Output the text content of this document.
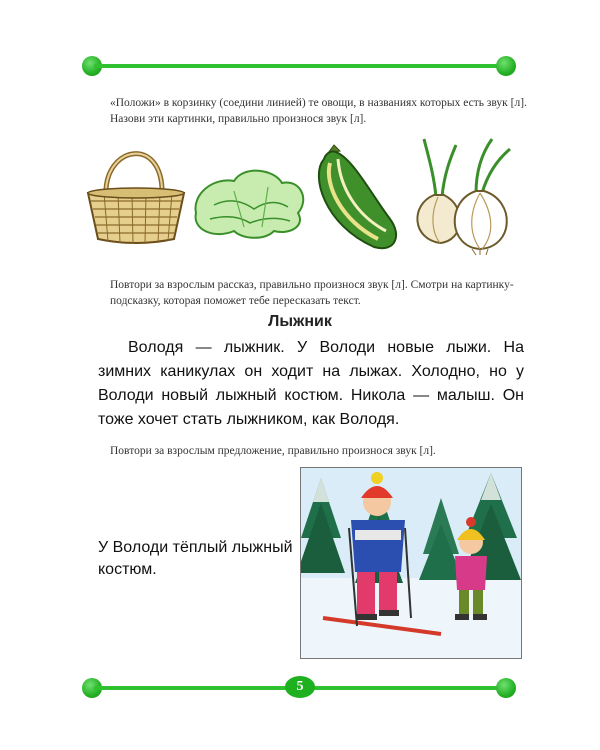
«Положи» в корзинку (соедини линией) те овощи, в названиях которых есть звук [л]. Назови эти картинки, правильно произнося звук [л].

Повтори за взрослым рассказ, правильно произнося звук [л]. Смотри на картинку-подсказку, которая поможет тебе пересказать текст.

Лыжник

Володя — лыжник. У Володи новые лыжи. На зимних каникулах он ходит на лыжах. Холодно, но у Володи новый лыжный костюм. Никола — малыш. Он тоже хочет стать лыжником, как Володя.

Повтори за взрослым предложение, правильно произнося звук [л].

У Володи тёплый лыжный костюм.

5
